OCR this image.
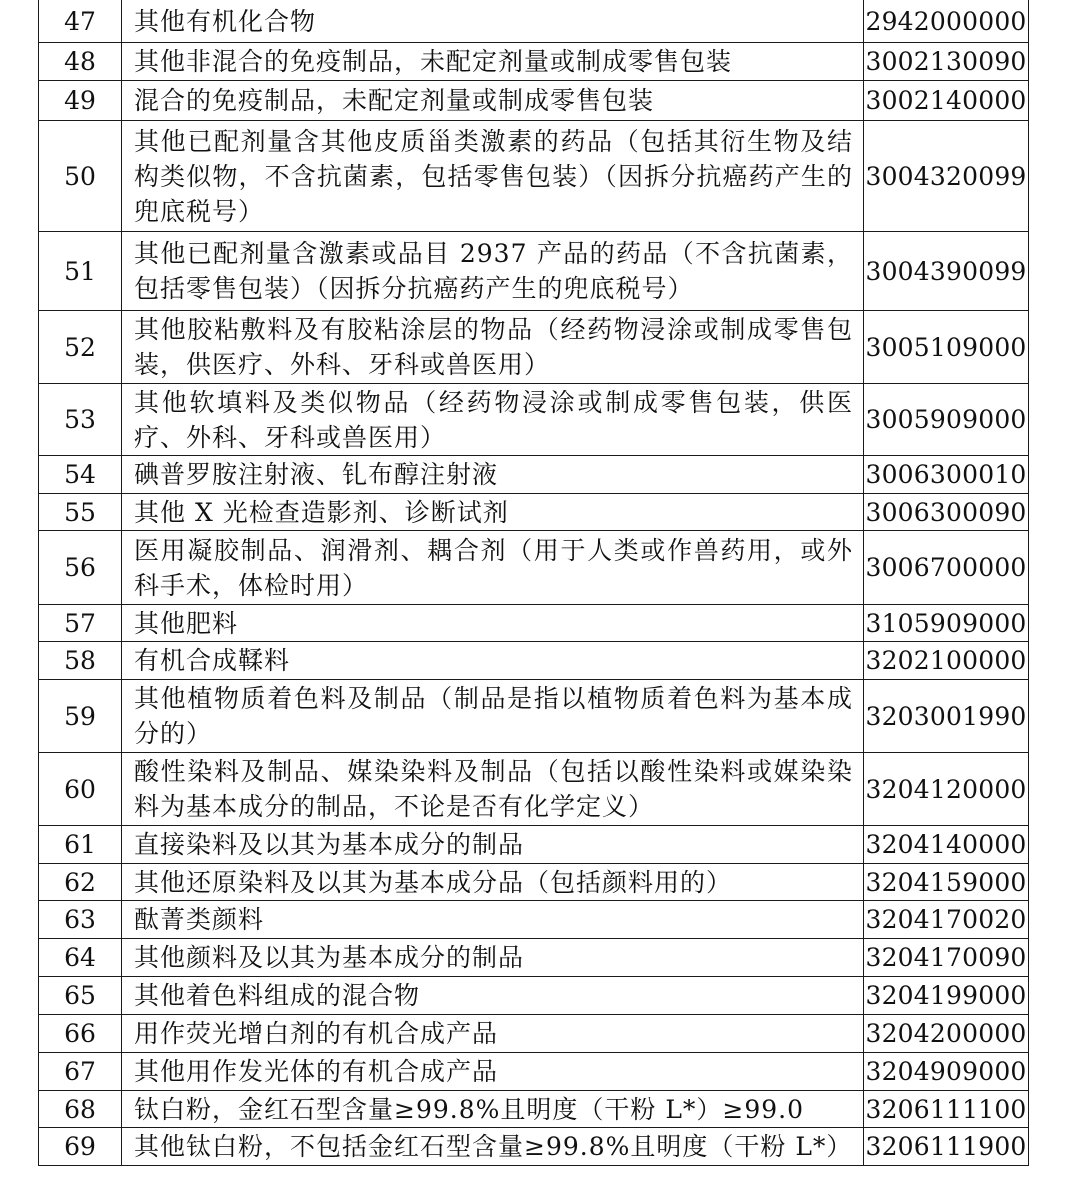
47	其他有机化合物	2942000000
48	其他非混合的免疫制品，未配定剂量或制成零售包装	3002130090
49	混合的免疫制品，未配定剂量或制成零售包装	3002140000
50	其他已配剂量含其他皮质甾类激素的药品（包括其衍生物及结构类似物，不含抗菌素，包括零售包装）（因拆分抗癌药产生的兜底税号）	3004320099
51	其他已配剂量含激素或品目 2937 产品的药品（不含抗菌素，包括零售包装）（因拆分抗癌药产生的兜底税号）	3004390099
52	其他胶粘敷料及有胶粘涂层的物品（经药物浸涂或制成零售包装，供医疗、外科、牙科或兽医用）	3005109000
53	其他软填料及类似物品（经药物浸涂或制成零售包装，供医疗、外科、牙科或兽医用）	3005909000
54	碘普罗胺注射液、钆布醇注射液	3006300010
55	其他 X 光检查造影剂、诊断试剂	3006300090
56	医用凝胶制品、润滑剂、耦合剂（用于人类或作兽药用，或外科手术，体检时用）	3006700000
57	其他肥料	3105909000
58	有机合成鞣料	3202100000
59	其他植物质着色料及制品（制品是指以植物质着色料为基本成分的）	3203001990
60	酸性染料及制品、媒染染料及制品（包括以酸性染料或媒染染料为基本成分的制品，不论是否有化学定义）	3204120000
61	直接染料及以其为基本成分的制品	3204140000
62	其他还原染料及以其为基本成分品（包括颜料用的）	3204159000
63	酞菁类颜料	3204170020
64	其他颜料及以其为基本成分的制品	3204170090
65	其他着色料组成的混合物	3204199000
66	用作荧光增白剂的有机合成产品	3204200000
67	其他用作发光体的有机合成产品	3204909000
68	钛白粉，金红石型含量≥99.8%且明度（干粉 L*）≥99.0	3206111100
69	其他钛白粉，不包括金红石型含量≥99.8%且明度（干粉 L*）	3206111900
